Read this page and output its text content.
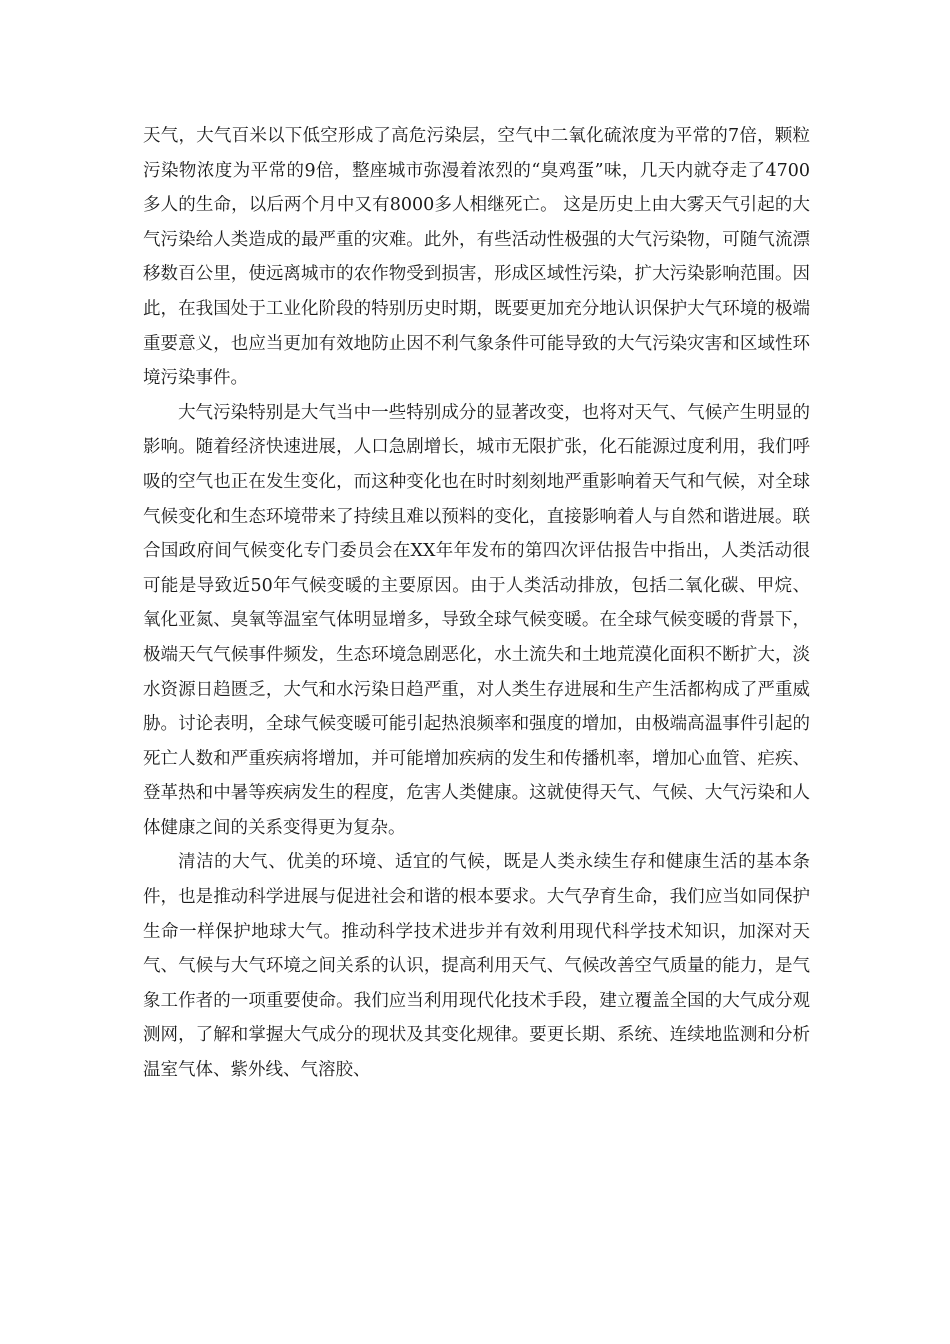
天气，大气百米以下低空形成了高危污染层，空气中二氧化硫浓度为平常的7倍，颗粒污染物浓度为平常的9倍，整座城市弥漫着浓烈的“臭鸡蛋”味，几天内就夺走了4700多人的生命，以后两个月中又有8000多人相继死亡。 这是历史上由大雾天气引起的大气污染给人类造成的最严重的灾难。此外，有些活动性极强的大气污染物，可随气流漂移数百公里，使远离城市的农作物受到损害，形成区域性污染，扩大污染影响范围。因此，在我国处于工业化阶段的特别历史时期，既要更加充分地认识保护大气环境的极端重要意义，也应当更加有效地防止因不利气象条件可能导致的大气污染灾害和区域性环境污染事件。

大气污染特别是大气当中一些特别成分的显著改变，也将对天气、气候产生明显的影响。随着经济快速进展，人口急剧增长，城市无限扩张，化石能源过度利用，我们呼吸的空气也正在发生变化，而这种变化也在时时刻刻地严重影响着天气和气候，对全球气候变化和生态环境带来了持续且难以预料的变化，直接影响着人与自然和谐进展。联合国政府间气候变化专门委员会在XX年年发布的第四次评估报告中指出，人类活动很可能是导致近50年气候变暖的主要原因。由于人类活动排放，包括二氧化碳、甲烷、氧化亚氮、臭氧等温室气体明显增多，导致全球气候变暖。在全球气候变暖的背景下，极端天气气候事件频发，生态环境急剧恶化，水土流失和土地荒漠化面积不断扩大，淡水资源日趋匮乏，大气和水污染日趋严重，对人类生存进展和生产生活都构成了严重威胁。讨论表明，全球气候变暖可能引起热浪频率和强度的增加，由极端高温事件引起的死亡人数和严重疾病将增加，并可能增加疾病的发生和传播机率，增加心血管、疟疾、登革热和中暑等疾病发生的程度，危害人类健康。这就使得天气、气候、大气污染和人体健康之间的关系变得更为复杂。

清洁的大气、优美的环境、适宜的气候，既是人类永续生存和健康生活的基本条件，也是推动科学进展与促进社会和谐的根本要求。大气孕育生命，我们应当如同保护生命一样保护地球大气。推动科学技术进步并有效利用现代科学技术知识，加深对天气、气候与大气环境之间关系的认识，提高利用天气、气候改善空气质量的能力，是气象工作者的一项重要使命。我们应当利用现代化技术手段，建立覆盖全国的大气成分观测网，了解和掌握大气成分的现状及其变化规律。要更长期、系统、连续地监测和分析温室气体、紫外线、气溶胶、
